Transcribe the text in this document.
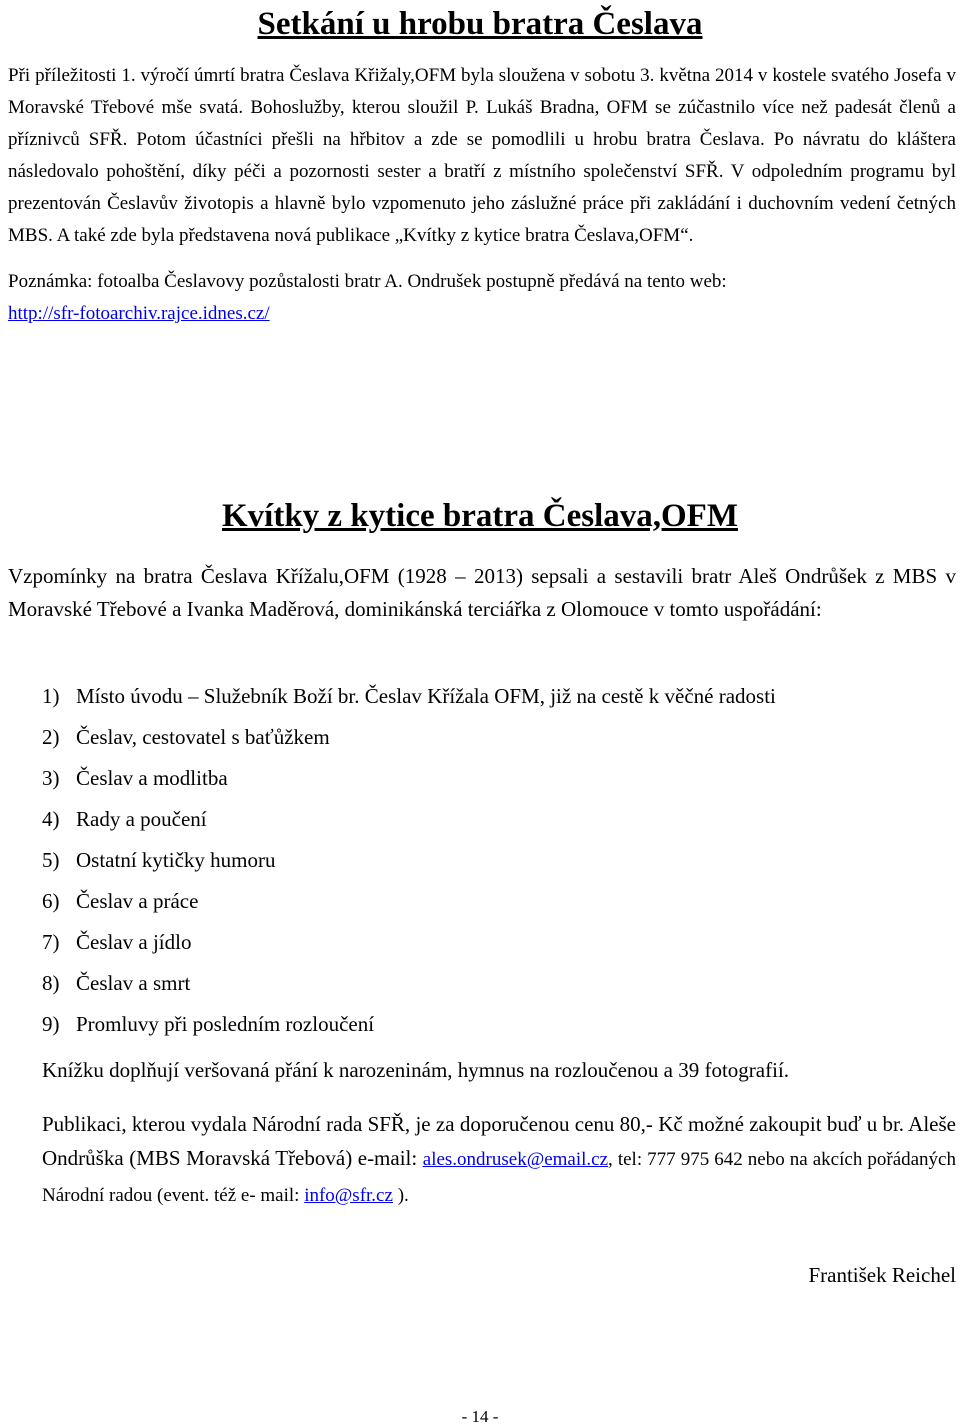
Setkání u hrobu bratra Česlava

Při příležitosti 1. výročí úmrtí bratra Česlava Křižaly,OFM byla sloužena v sobotu 3. května 2014 v kostele svatého Josefa v Moravské Třebové mše svatá. Bohoslužby, kterou sloužil P. Lukáš Bradna, OFM se zúčastnilo více než padesát členů a příznivců SFŘ. Potom účastníci přešli na hřbitov a zde se pomodlili u hrobu bratra Česlava. Po návratu do kláštera následovalo pohoštění, díky péči a pozornosti sester a bratří z místního společenství SFŘ. V odpoledním programu byl prezentován Česlavův životopis a hlavně bylo vzpomenuto jeho záslužné práce při zakládání i duchovním vedení četných MBS. A také zde byla představena nová publikace „Kvítky z kytice bratra Česlava,OFM“.

Poznámka: fotoalba Česlavovy pozůstalosti bratr A. Ondrušek postupně předává na tento web:
http://sfr-fotoarchiv.rajce.idnes.cz/

Kvítky z kytice bratra Česlava,OFM

Vzpomínky na bratra Česlava Křížalu,OFM (1928 – 2013) sepsali a sestavili bratr Aleš Ondrůšek z MBS v Moravské Třebové a Ivanka Maděrová, dominikánská terciářka z Olomouce v tomto uspořádání:

1) Místo úvodu – Služebník Boží br. Česlav Křížala OFM, již na cestě k věčné radosti
2) Česlav, cestovatel s baťůžkem
3) Česlav a modlitba
4) Rady a poučení
5) Ostatní kytičky humoru
6) Česlav a práce
7) Česlav a jídlo
8) Česlav a smrt
9) Promluvy při posledním rozloučení

Knížku doplňují veršovaná přání k narozeninám, hymnus na rozloučenou a 39 fotografií.

Publikaci, kterou vydala Národní rada SFŘ, je za doporučenou cenu 80,- Kč možné zakoupit buď u br. Aleše Ondrůška (MBS Moravská Třebová) e-mail: ales.ondrusek@email.cz, tel: 777 975 642 nebo na akcích pořádaných Národní radou (event. též e- mail: info@sfr.cz ).

František Reichel

- 14 -
